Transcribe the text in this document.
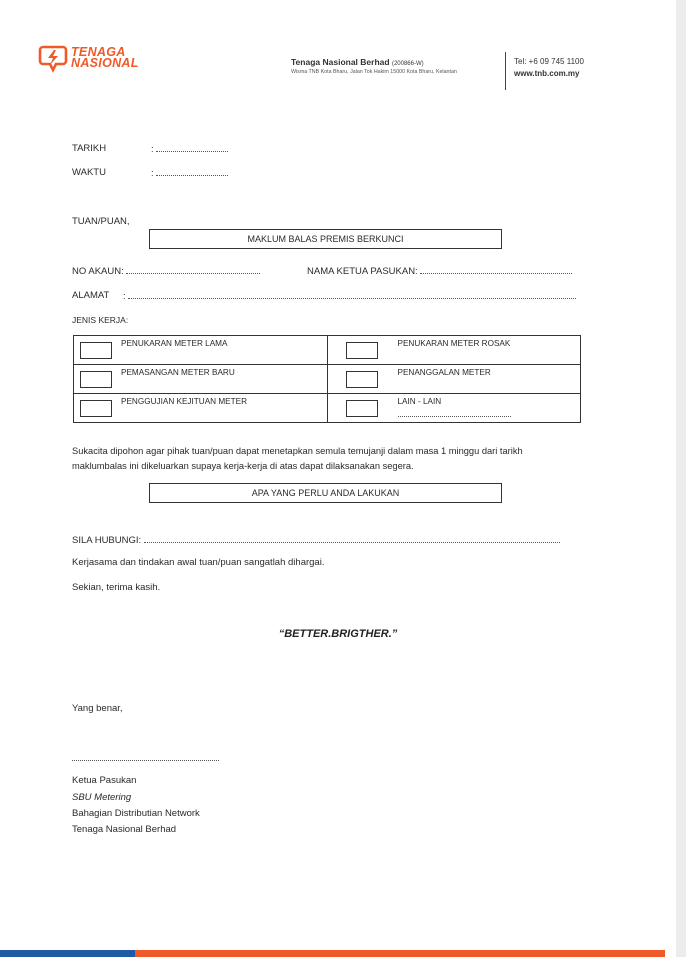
TENAGA
NASIONAL	Tenaga Nasional Berhad (200866-W)
Wisma TNB Kota Bharu, Jalan Tok Hakim 15000 Kota Bharu, Kelantan
Tel: +6 09 745 1100
www.tnb.com.my
TARIKH	:
WAKTU	:
TUAN/PUAN,
MAKLUM BALAS PREMIS BERKUNCI
NO AKAUN:	NAMA KETUA PASUKAN:
ALAMAT :
JENIS KERJA:
PENUKARAN METER LAMA	PENUKARAN METER ROSAK

PEMASANGAN METER BARU	PENANGGALAN METER

PENGGUJIAN KEJITUAN METER	LAIN - LAIN
Sukacita dipohon agar pihak tuan/puan dapat menetapkan semula temujanji dalam masa 1 minggu dari tarikh
maklumbalas ini dikeluarkan supaya kerja-kerja di atas dapat dilaksanakan segera.
APA YANG PERLU ANDA LAKUKAN
SILA HUBUNGI:
Kerjasama dan tindakan awal tuan/puan sangatlah dihargai.
Sekian, terima kasih.
“BETTER.BRIGTHER.”
Yang benar,
Ketua Pasukan
SBU Metering
Bahagian Distributian Network
Tenaga Nasional Berhad
